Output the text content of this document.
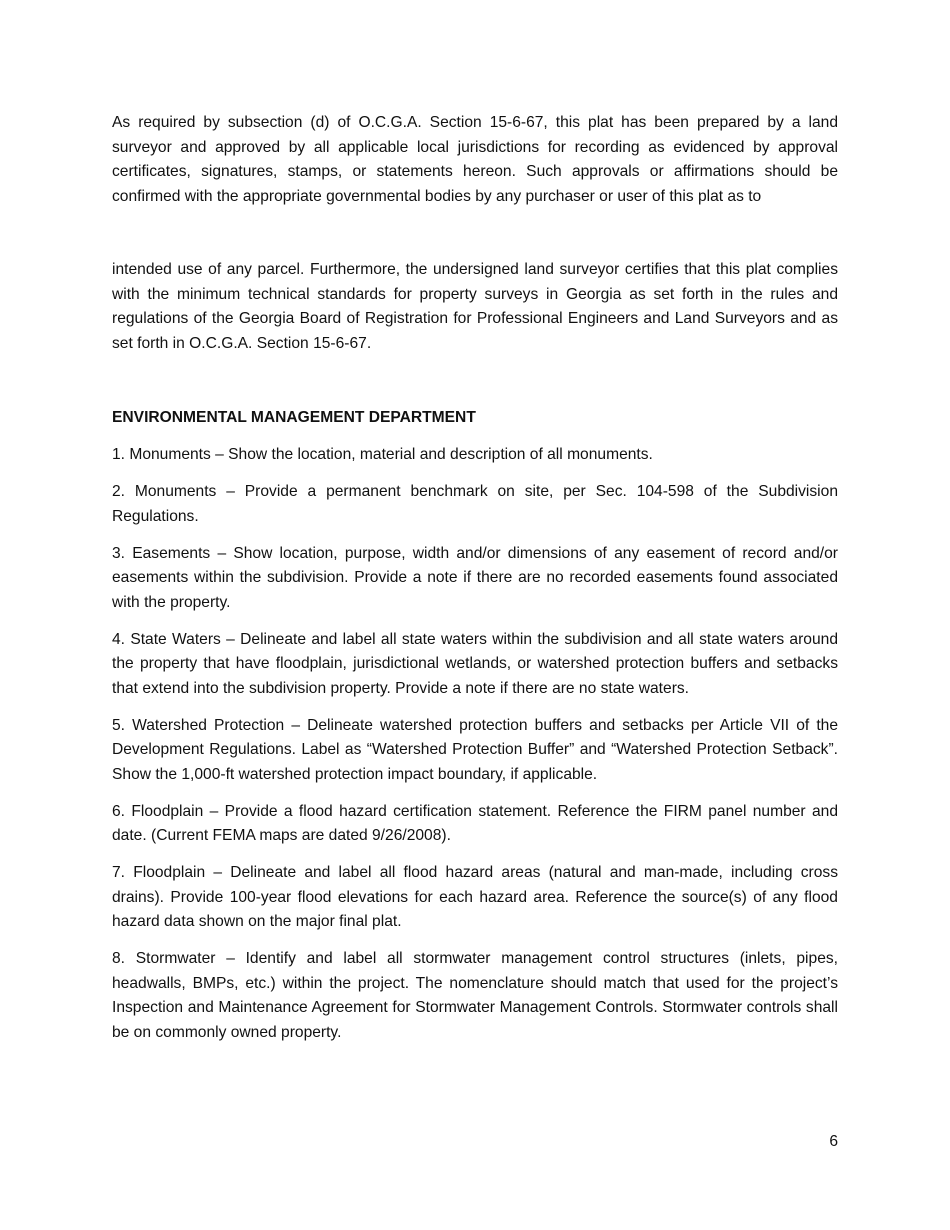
As required by subsection (d) of O.C.G.A. Section 15-6-67, this plat has been prepared by a land surveyor and approved by all applicable local jurisdictions for recording as evidenced by approval certificates, signatures, stamps, or statements hereon. Such approvals or affirmations should be confirmed with the appropriate governmental bodies by any purchaser or user of this plat as to

intended use of any parcel. Furthermore, the undersigned land surveyor certifies that this plat complies with the minimum technical standards for property surveys in Georgia as set forth in the rules and regulations of the Georgia Board of Registration for Professional Engineers and Land Surveyors and as set forth in O.C.G.A. Section 15-6-67.

ENVIRONMENTAL MANAGEMENT DEPARTMENT

1. Monuments – Show the location, material and description of all monuments.

2. Monuments – Provide a permanent benchmark on site, per Sec. 104-598 of the Subdivision Regulations.

3. Easements – Show location, purpose, width and/or dimensions of any easement of record and/or easements within the subdivision. Provide a note if there are no recorded easements found associated with the property.

4. State Waters – Delineate and label all state waters within the subdivision and all state waters around the property that have floodplain, jurisdictional wetlands, or watershed protection buffers and setbacks that extend into the subdivision property. Provide a note if there are no state waters.

5. Watershed Protection – Delineate watershed protection buffers and setbacks per Article VII of the Development Regulations. Label as “Watershed Protection Buffer” and “Watershed Protection Setback”. Show the 1,000-ft watershed protection impact boundary, if applicable.

6. Floodplain – Provide a flood hazard certification statement. Reference the FIRM panel number and date. (Current FEMA maps are dated 9/26/2008).

7. Floodplain – Delineate and label all flood hazard areas (natural and man-made, including cross drains). Provide 100-year flood elevations for each hazard area. Reference the source(s) of any flood hazard data shown on the major final plat.

8. Stormwater – Identify and label all stormwater management control structures (inlets, pipes, headwalls, BMPs, etc.) within the project. The nomenclature should match that used for the project’s Inspection and Maintenance Agreement for Stormwater Management Controls. Stormwater controls shall be on commonly owned property.

6
